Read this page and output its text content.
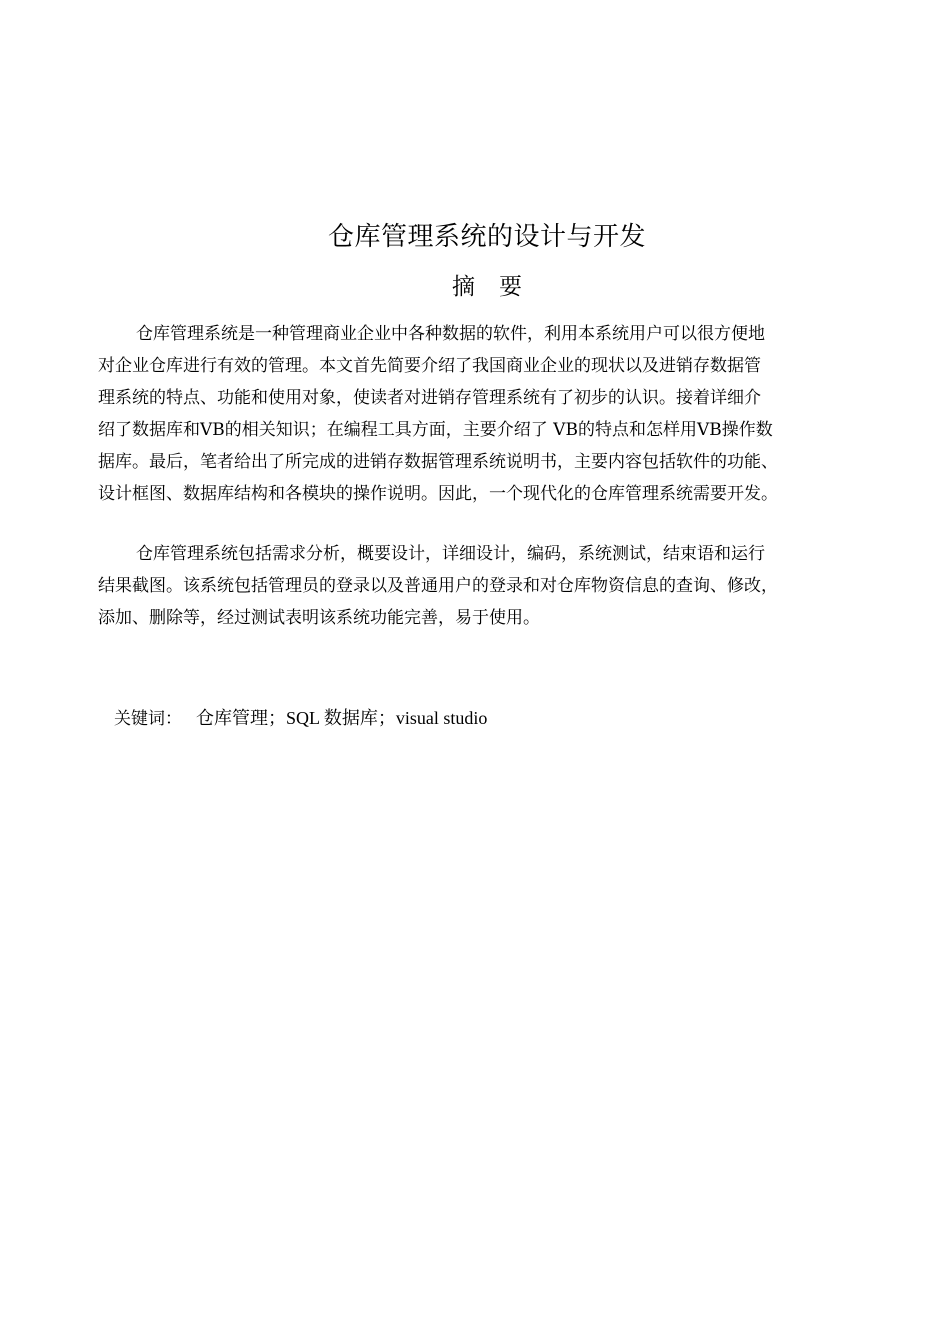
仓库管理系统的设计与开发
摘 要
仓库管理系统是一种管理商业企业中各种数据的软件，利用本系统用户可以很方便地
对企业仓库进行有效的管理。本文首先简要介绍了我国商业企业的现状以及进销存数据管
理系统的特点、功能和使用对象，使读者对进销存管理系统有了初步的认识。接着详细介
绍了数据库和VB的相关知识；在编程工具方面，主要介绍了 VB的特点和怎样用VB操作数
据库。最后，笔者给出了所完成的进销存数据管理系统说明书，主要内容包括软件的功能、
设计框图、数据库结构和各模块的操作说明。因此，一个现代化的仓库管理系统需要开发。
仓库管理系统包括需求分析，概要设计，详细设计，编码，系统测试，结束语和运行
结果截图。该系统包括管理员的登录以及普通用户的登录和对仓库物资信息的查询、修改，
添加、删除等，经过测试表明该系统功能完善，易于使用。
关键词： 仓库管理；SQL 数据库；visual studio
